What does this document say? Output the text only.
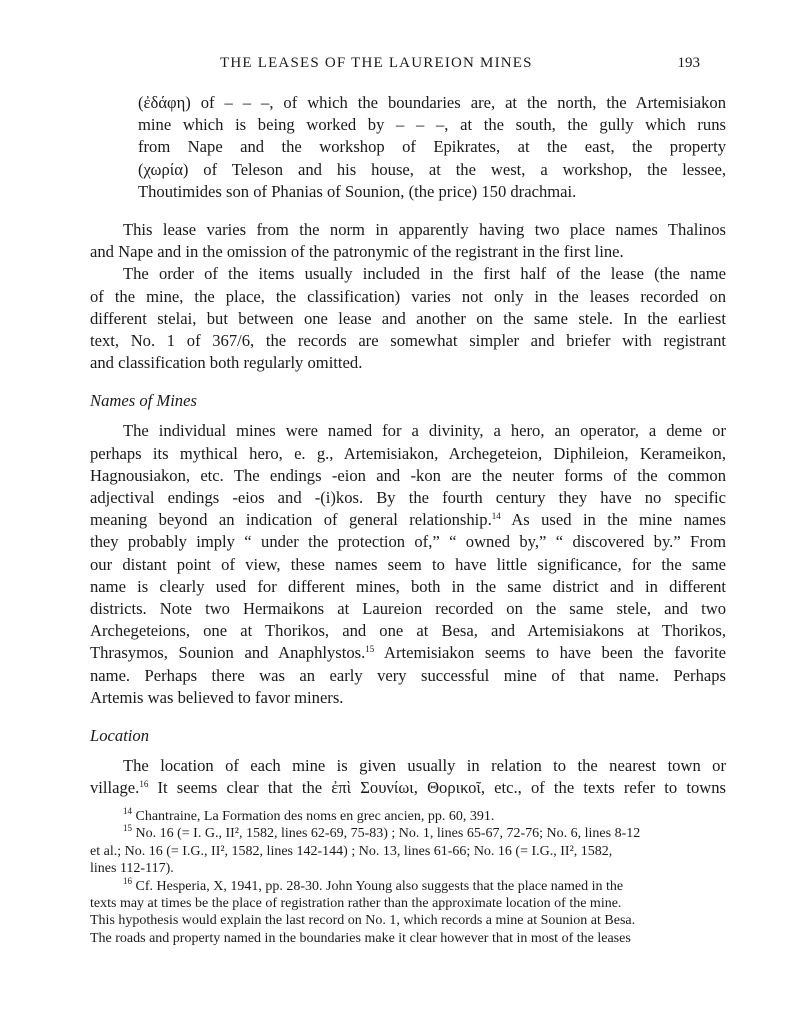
THE LEASES OF THE LAUREION MINES	193
(ἐδάφη) of – – –, of which the boundaries are, at the north, the Artemisiakon
mine which is being worked by – – –, at the south, the gully which runs
from Nape and the workshop of Epikrates, at the east, the property
(χωρία) of Teleson and his house, at the west, a workshop, the lessee,
Thoutimides son of Phanias of Sounion, (the price) 150 drachmai.
This lease varies from the norm in apparently having two place names Thalinos
and Nape and in the omission of the patronymic of the registrant in the first line.
The order of the items usually included in the first half of the lease (the name
of the mine, the place, the classification) varies not only in the leases recorded on
different stelai, but between one lease and another on the same stele. In the earliest
text, No. 1 of 367/6, the records are somewhat simpler and briefer with registrant
and classification both regularly omitted.
Names of Mines
The individual mines were named for a divinity, a hero, an operator, a deme or
perhaps its mythical hero, e. g., Artemisiakon, Archegeteion, Diphileion, Kerameikon,
Hagnousiakon, etc. The endings -eion and -kon are the neuter forms of the common
adjectival endings -eios and -(i)kos. By the fourth century they have no specific
meaning beyond an indication of general relationship.$^{14}$ As used in the mine names
they probably imply “ under the protection of,” “ owned by,” “ discovered by.” From
our distant point of view, these names seem to have little significance, for the same
name is clearly used for different mines, both in the same district and in different
districts. Note two Hermaikons at Laureion recorded on the same stele, and two
Archegeteions, one at Thorikos, and one at Besa, and Artemisiakons at Thorikos,
Thrasymos, Sounion and Anaphlystos.$^{15}$ Artemisiakon seems to have been the favorite
name. Perhaps there was an early very successful mine of that name. Perhaps
Artemis was believed to favor miners.
Location
The location of each mine is given usually in relation to the nearest town or
village.$^{16}$ It seems clear that the ἐπὶ Σουνίωι, Θορικοῖ, etc., of the texts refer to towns
$^{14}$ Chantraine, La Formation des noms en grec ancien, pp. 60, 391.
$^{15}$ No. 16 (= I. G., II², 1582, lines 62-69, 75-83) ; No. 1, lines 65-67, 72-76; No. 6, lines 8-12
et al.; No. 16 (= I.G., II², 1582, lines 142-144) ; No. 13, lines 61-66; No. 16 (= I.G., II², 1582,
lines 112-117).
$^{16}$ Cf. Hesperia, X, 1941, pp. 28-30. John Young also suggests that the place named in the
texts may at times be the place of registration rather than the approximate location of the mine.
This hypothesis would explain the last record on No. 1, which records a mine at Sounion at Besa.
The roads and property named in the boundaries make it clear however that in most of the leases
